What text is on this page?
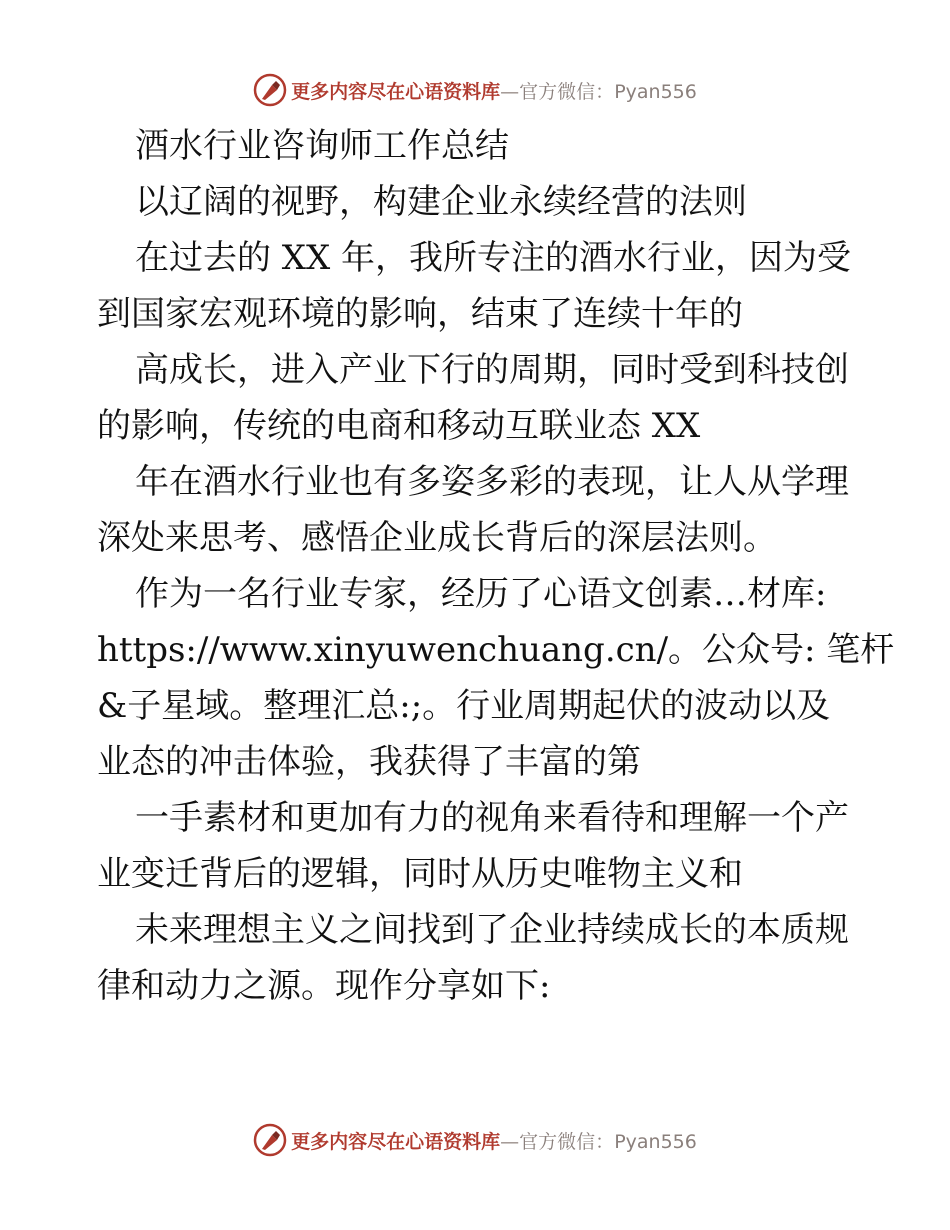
更多内容尽在心语资料库—官方微信：Pyan556

酒水行业咨询师工作总结

以辽阔的视野，构建企业永续经营的法则

在过去的 XX 年，我所专注的酒水行业，因为受

到国家宏观环境的影响，结束了连续十年的

高成长，进入产业下行的周期，同时受到科技创

的影响，传统的电商和移动互联业态 XX

年在酒水行业也有多姿多彩的表现，让人从学理

深处来思考、感悟企业成长背后的深层法则。

作为一名行业专家，经历了心语文创素…材库:

https://www.xinyuwenchuang.cn/。公众号: 笔杆

&子星域。整理汇总:;。行业周期起伏的波动以及

业态的冲击体验，我获得了丰富的第

一手素材和更加有力的视角来看待和理解一个产

业变迁背后的逻辑，同时从历史唯物主义和

未来理想主义之间找到了企业持续成长的本质规

律和动力之源。现作分享如下:

更多内容尽在心语资料库—官方微信：Pyan556
